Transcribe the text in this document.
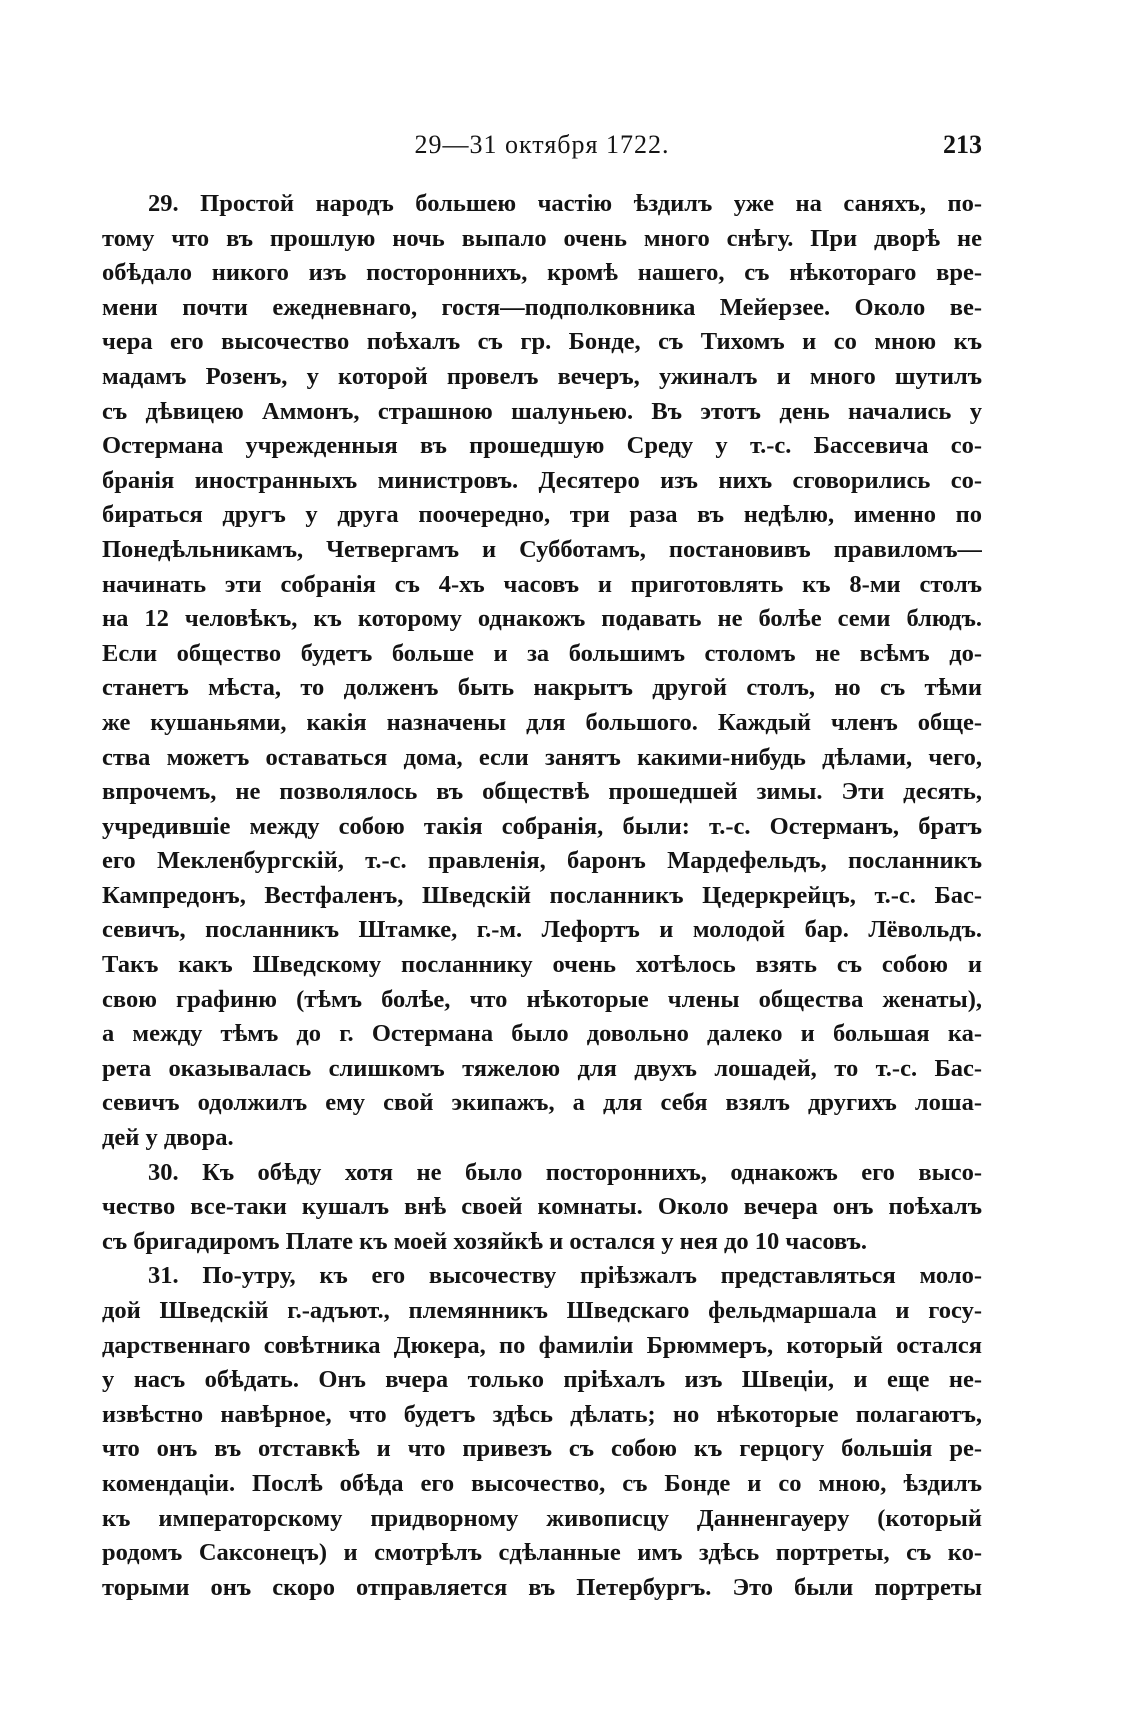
29—31 октября 1722.	213
29. Простой народъ большею частію ѣздилъ уже на саняхъ, по-
тому что въ прошлую ночь выпало очень много снѣгу. При дворѣ не
обѣдало никого изъ постороннихъ, кромѣ нашего, съ нѣкотораго вре-
мени почти ежедневнаго, гостя—подполковника Мейерзее. Около ве-
чера его высочество поѣхалъ съ гр. Бонде, съ Тихомъ и со мною къ
мадамъ Розенъ, у которой провелъ вечеръ, ужиналъ и много шутилъ
съ дѣвицею Аммонъ, страшною шалуньею. Въ этотъ день начались у
Остермана учрежденныя въ прошедшую Среду у т.-с. Бассевича со-
бранія иностранныхъ министровъ. Десятеро изъ нихъ сговорились со-
бираться другъ у друга поочередно, три раза въ недѣлю, именно по
Понедѣльникамъ, Четвергамъ и Субботамъ, постановивъ правиломъ—
начинать эти собранія съ 4-хъ часовъ и приготовлять къ 8-ми столъ
на 12 человѣкъ, къ которому однакожъ подавать не болѣе семи блюдъ.
Если общество будетъ больше и за большимъ столомъ не всѣмъ до-
станетъ мѣста, то долженъ быть накрытъ другой столъ, но съ тѣми
же кушаньями, какія назначены для большого. Каждый членъ обще-
ства можетъ оставаться дома, если занятъ какими-нибудь дѣлами, чего,
впрочемъ, не позволялось въ обществѣ прошедшей зимы. Эти десять,
учредившіе между собою такія собранія, были: т.-с. Остерманъ, братъ
его Мекленбургскій, т.-с. правленія, баронъ Мардефельдъ, посланникъ
Кампредонъ, Вестфаленъ, Шведскій посланникъ Цедеркрейцъ, т.-с. Бас-
севичъ, посланникъ Штамке, г.-м. Лефортъ и молодой бар. Лёвольдъ.
Такъ какъ Шведскому посланнику очень хотѣлось взять съ собою и
свою графиню (тѣмъ болѣе, что нѣкоторые члены общества женаты),
а между тѣмъ до г. Остермана было довольно далеко и большая ка-
рета оказывалась слишкомъ тяжелою для двухъ лошадей, то т.-с. Бас-
севичъ одолжилъ ему свой экипажъ, а для себя взялъ другихъ лоша-
дей у двора.
30. Къ обѣду хотя не было постороннихъ, однакожъ его высо-
чество все-таки кушалъ внѣ своей комнаты. Около вечера онъ поѣхалъ
съ бригадиромъ Плате къ моей хозяйкѣ и остался у нея до 10 часовъ.
31. По-утру, къ его высочеству пріѣзжалъ представляться моло-
дой Шведскій г.-адъют., племянникъ Шведскаго фельдмаршала и госу-
дарственнаго совѣтника Дюкера, по фамиліи Брюммеръ, который остался
у насъ обѣдать. Онъ вчера только пріѣхалъ изъ Швеціи, и еще не-
извѣстно навѣрное, что будетъ здѣсь дѣлать; но нѣкоторые полагаютъ,
что онъ въ отставкѣ и что привезъ съ собою къ герцогу большія ре-
комендаціи. Послѣ обѣда его высочество, съ Бонде и со мною, ѣздилъ
къ императорскому придворному живописцу Данненгауеру (который
родомъ Саксонецъ) и смотрѣлъ сдѣланные имъ здѣсь портреты, съ ко-
торыми онъ скоро отправляется въ Петербургъ. Это были портреты
